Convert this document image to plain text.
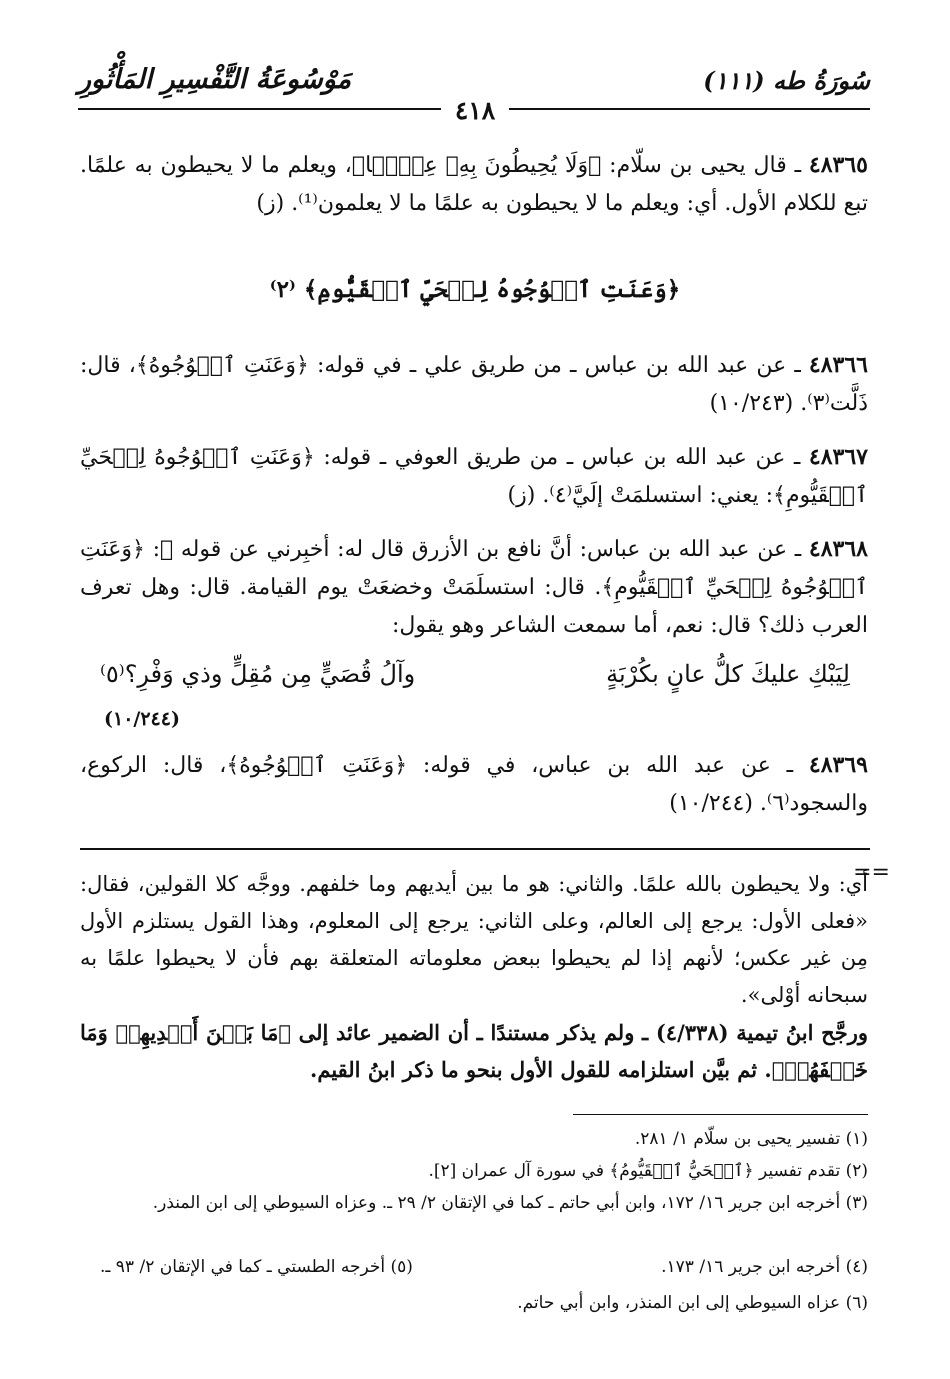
مَوْسُوعَةُ التَّفْسِيرِ المَأْثُورِ	سُورَةُ طه (١١١)
٤١٨
٤٨٣٦٥ ـ قال يحيى بن سلّام: ﴿وَلَا يُحِيطُونَ بِهِۦ عِلۡمࣰا﴾، ويعلم ما لا يحيطون به علمًا. تبع للكلام الأول. أي: ويعلم ما لا يحيطون به علمًا ما لا يعلمون⁽¹⁾. (ز)
﴿وَعَنَتِ ٱلۡوُجُوهُ لِلۡحَيِّ ٱلۡقَيُّومِ﴾ ⁽٢⁾
٤٨٣٦٦ ـ عن عبد الله بن عباس ـ من طريق علي ـ في قوله: ﴿وَعَنَتِ ٱلۡوُجُوهُ﴾، قال: ذَلَّت⁽٣⁾. (١٠/٢٤٣)
٤٨٣٦٧ ـ عن عبد الله بن عباس ـ من طريق العوفي ـ قوله: ﴿وَعَنَتِ ٱلۡوُجُوهُ لِلۡحَيِّ ٱلۡقَيُّومِ﴾: يعني: استسلمَتْ إلَيَّ⁽٤⁾. (ز)
٤٨٣٦٨ ـ عن عبد الله بن عباس: أنَّ نافع بن الأزرق قال له: أخبِرني عن قوله ﷻ: ﴿وَعَنَتِ ٱلۡوُجُوهُ لِلۡحَيِّ ٱلۡقَيُّومِ﴾. قال: استسلَمَتْ وخضعَتْ يوم القيامة. قال: وهل تعرف العرب ذلك؟ قال: نعم، أما سمعت الشاعر وهو يقول:
لِيَبْكِ عليكَ كلُّ عانٍ بكُرْبَةٍ
وآلُ قُصَيٍّ مِن مُقِلٍّ وذي وَفْرِ؟⁽٥⁾
(١٠/٢٤٤)
٤٨٣٦٩ ـ عن عبد الله بن عباس، في قوله: ﴿وَعَنَتِ ٱلۡوُجُوهُ﴾، قال: الركوع، والسجود⁽٦⁾. (١٠/٢٤٤)
==
أي: ولا يحيطون بالله علمًا. والثاني: هو ما بين أيديهم وما خلفهم. ووجَّه كلا القولين، فقال: «فعلى الأول: يرجع إلى العالم، وعلى الثاني: يرجع إلى المعلوم، وهذا القول يستلزم الأول مِن غير عكس؛ لأنهم إذا لم يحيطوا ببعض معلوماته المتعلقة بهم فأن لا يحيطوا علمًا به سبحانه أوْلى».
ورجَّح ابنُ تيمية (٤/٣٣٨) ـ ولم يذكر مستندًا ـ أن الضمير عائد إلى ﴿مَا بَيۡنَ أَيۡدِيهِمۡ وَمَا خَلۡفَهُمۡ﴾. ثم بيَّن استلزامه للقول الأول بنحو ما ذكر ابنُ القيم.
(١) تفسير يحيى بن سلّام ١/ ٢٨١.
(٢) تقدم تفسير ﴿ٱلۡحَيُّ ٱلۡقَيُّومُ﴾ في سورة آل عمران [٢].
(٣) أخرجه ابن جرير ١٦/ ١٧٢، وابن أبي حاتم ـ كما في الإتقان ٢/ ٢٩ ـ. وعزاه السيوطي إلى ابن المنذر.
(٤) أخرجه ابن جرير ١٦/ ١٧٣.
(٥) أخرجه الطستي ـ كما في الإتقان ٢/ ٩٣ ـ.
(٦) عزاه السيوطي إلى ابن المنذر، وابن أبي حاتم.
